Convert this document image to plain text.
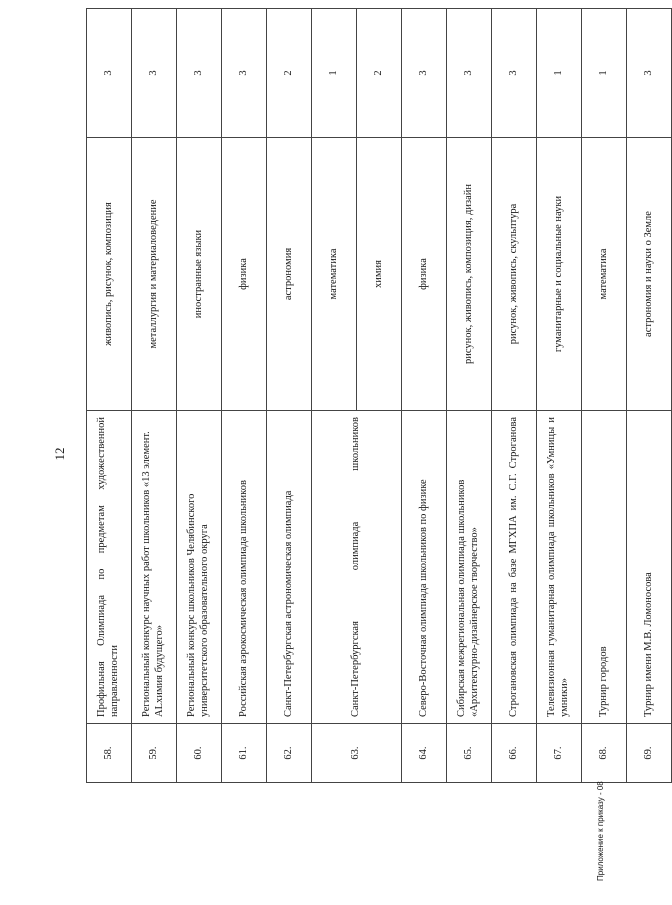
12
58.	Профильная Олимпиада по предметам художественной направленности	живопись, рисунок, композиция	3
59.	Региональный конкурс научных работ школьников «13 элемент. ALхимия будущего»	металлургия и материаловедение	3
60.	Региональный конкурс школьников Челябинского университетского образовательного округа	иностранные языки	3
61.	Российская аэрокосмическая олимпиада школьников	физика	3
62.	Санкт-Петербургская астрономическая олимпиада	астрономия	2
63.	Санкт-Петербургская олимпиада школьников	математика	1
		химия	2
64.	Северо-Восточная олимпиада школьников по физике	физика	3
65.	Сибирская межрегиональная олимпиада школьников «Архитектурно-дизайнерское творчество»	рисунок, живопись, композиция, дизайн	3
66.	Строгановская олимпиада на базе МГХПА им. С.Г. Строганова	рисунок, живопись, скульптура	3
67.	Телевизионная гуманитарная олимпиада школьников «Умницы и умники»	гуманитарные и социальные науки	1
68.	Турнир городов	математика	1
69.	Турнир имени М.В. Ломоносова	астрономия и науки о Земле	3
Приложение к приказу - 08
